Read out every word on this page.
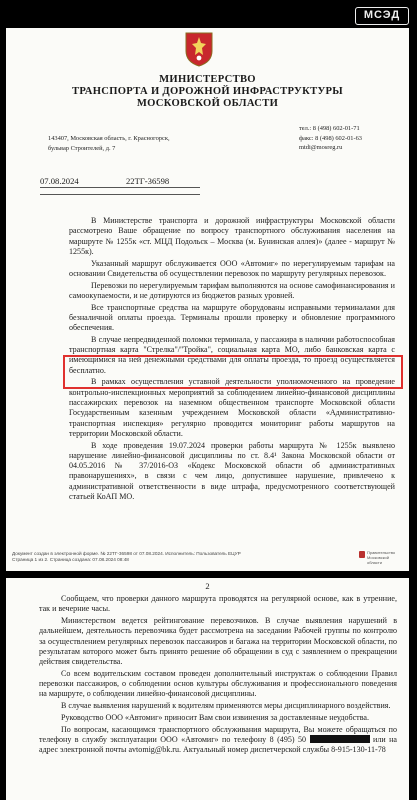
МСЭД
МИНИСТЕРСТВО
ТРАНСПОРТА И ДОРОЖНОЙ ИНФРАСТРУКТУРЫ
МОСКОВСКОЙ ОБЛАСТИ
143407, Московская область, г. Красногорск,
бульвар Строителей, д. 7
тел.: 8 (498) 602-01-71
факс: 8 (498) 602-01-63
mtdi@mosreg.ru
07.08.2024	22ТГ-36598

В Министерстве транспорта и дорожной инфраструктуры Московской области рассмотрено Ваше обращение по вопросу транспортного обслуживания населения на маршруте № 1255к «ст. МЦД Подольск – Москва (м. Бунинская аллея)» (далее - маршрут № 1255к).

Указанный маршрут обслуживается ООО «Автомиг» по нерегулируемым тарифам на основании Свидетельства об осуществлении перевозок по маршруту регулярных перевозок.

Перевозки по нерегулируемым тарифам выполняются на основе самофинансирования и самоокупаемости, и не дотируются из бюджетов разных уровней.

Все транспортные средства на маршруте оборудованы исправными терминалами для безналичной оплаты проезда. Терминалы прошли проверку и обновление программного обеспечения.

В случае непредвиденной поломки терминала, у пассажира в наличии работоспособная транспортная карта "Стрелка"/"Тройка", социальная карта МО, либо банковская карта с имеющимися на ней денежными средствами для оплаты проезда, то проезд осуществляется бесплатно.

В рамках осуществления уставной деятельности уполномоченного на проведение контрольно-инспекционных мероприятий за соблюдением линейно-финансовой дисциплины пассажирских перевозок на наземном общественном транспорте Московской области Государственным казенным учреждением Московской области «Административно-транспортная инспекция» регулярно проводится мониторинг работы маршрутов на территории Московской области.

В ходе проведения 19.07.2024 проверки работы маршрута № 1255к выявлено нарушение линейно-финансовой дисциплины по ст. 8.4¹ Закона Московской области от 04.05.2016 № 37/2016-ОЗ «Кодекс Московской области об административных правонарушениях», в связи с чем лицо, допустившее нарушение, привлечено к административной ответственности в виде штрафа, предусмотренного соответствующей статьей КоАП МО.

Документ создан в электронной форме. № 22ТГ-36598 от 07.08.2024. Исполнитель: Пользователь ЕЦУР
Страница 1 из 2. Страница создана: 07.08.2024 08:48
Правительство Московской области
2

Сообщаем, что проверки данного маршрута проводятся на регулярной основе, как в утренние, так и вечерние часы.

Министерством ведется рейтингование перевозчиков. В случае выявления нарушений в дальнейшем, деятельность перевозчика будет рассмотрена на заседании Рабочей группы по контролю за осуществлением регулярных перевозок пассажиров и багажа на территории Московской области, по результатам которого может быть принято решение об обращении в суд с заявлением о прекращении действия свидетельства.

Со всем водительским составом проведен дополнительный инструктаж о соблюдении Правил перевозки пассажиров, о соблюдении основ культуры обслуживания и профессионального поведения на маршруте, о соблюдении линейно-финансовой дисциплины.

В случае выявления нарушений к водителям применяются меры дисциплинарного воздействия.

Руководство ООО «Автомиг» приносит Вам свои извинения за доставленные неудобства.

По вопросам, касающимся транспортного обслуживания маршрута, Вы можете обращаться по телефону в службу эксплуатации ООО «Автомиг» по телефону 8 (495) 50	или на адрес электронной почты avtomig@bk.ru. Актуальный номер диспетчерской службы 8-915-130-11-78
